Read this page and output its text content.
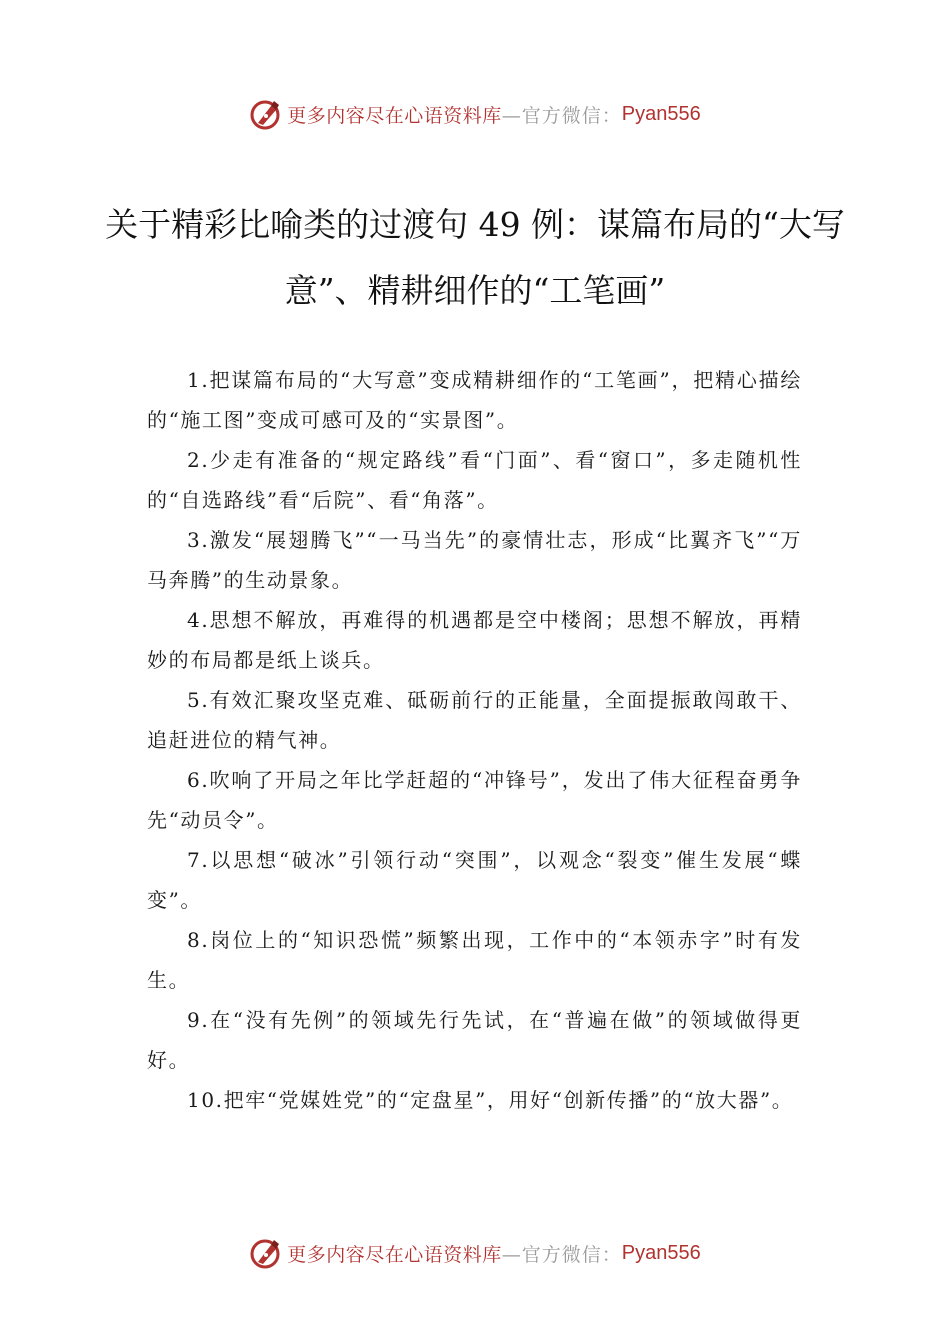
更多内容尽在心语资料库 —官方微信： Pyan556
关于精彩比喻类的过渡句 49 例：谋篇布局的“大写意”、精耕细作的“工笔画”

1.把谋篇布局的“大写意”变成精耕细作的“工笔画”，把精心描绘的“施工图”变成可感可及的“实景图”。

2.少走有准备的“规定路线”看“门面”、看“窗口”，多走随机性的“自选路线”看“后院”、看“角落”。

3.激发“展翅腾飞”“一马当先”的豪情壮志，形成“比翼齐飞”“万马奔腾”的生动景象。

4.思想不解放，再难得的机遇都是空中楼阁；思想不解放，再精妙的布局都是纸上谈兵。

5.有效汇聚攻坚克难、砥砺前行的正能量，全面提振敢闯敢干、追赶进位的精气神。

6.吹响了开局之年比学赶超的“冲锋号”，发出了伟大征程奋勇争先“动员令”。

7.以思想“破冰”引领行动“突围”，以观念“裂变”催生发展“蝶变”。

8.岗位上的“知识恐慌”频繁出现，工作中的“本领赤字”时有发生。

9.在“没有先例”的领域先行先试，在“普遍在做”的领域做得更好。

10.把牢“党媒姓党”的“定盘星”，用好“创新传播”的“放大器”。

更多内容尽在心语资料库 —官方微信： Pyan556
